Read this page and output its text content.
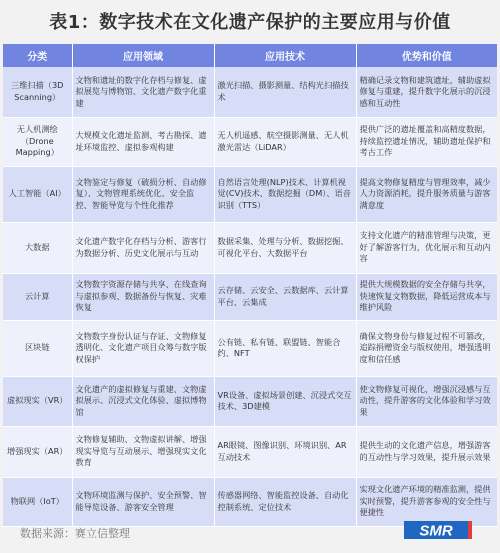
表1：数字技术在文化遗产保护的主要应用与价值
分类	应用领域	应用技术	优势和价值
三维扫描（3D Scanning）	文物和遗址的数字化存档与修复、虚拟展览与博物馆、文化遗产数字化重建	激光扫描、摄影测量、结构光扫描技术	精确记录文物和建筑遗址，辅助虚拟修复与重建，提升数字化展示的沉浸感和互动性
无人机测绘（Drone Mapping）	大规模文化遗址监测、考古勘探、遗址环境监控、虚拟参观构建	无人机遥感、航空摄影测量、无人机激光雷达（LiDAR）	提供广泛的遗址覆盖和高精度数据，持续监控遗址情况，辅助遗址保护和考古工作
人工智能（AI）	文物鉴定与修复（破损分析、自动修复）、文物管理系统优化、安全监控、智能导览与个性化推荐	自然语言处理(NLP)技术、计算机视觉(CV)技术、数据挖掘（DM）、语音识别（TTS）	提高文物修复精度与管理效率，减少人力资源消耗，提升服务质量与游客满意度
大数据	文化遗产数字化存档与分析、游客行为数据分析、历史文化展示与互动	数据采集、处理与分析、数据挖掘、可视化平台、大数据平台	支持文化遗产的精准管理与决策，更好了解游客行为，优化展示和互动内容
云计算	文物数字资源存储与共享、在线查询与虚拟参观、数据备份与恢复、灾难恢复	云存储、云安全、云数据库、云计算平台、云集成	提供大规模数据的安全存储与共享，快速恢复文物数据，降低运营成本与维护风险
区块链	文物数字身份认证与存证、文物修复透明化、文化遗产项目众筹与数字版权保护	公有链、私有链、联盟链、智能合约、NFT	确保文物身份与修复过程不可篡改，追踪捐赠资金与版权使用，增强透明度和信任感
虚拟现实（VR）	文化遗产的虚拟修复与重建、文物虚拟展示、沉浸式文化体验、虚拟博物馆	VR设备、虚拟场景创建、沉浸式交互技术、3D建模	使文物修复可视化，增强沉浸感与互动性，提升游客的文化体验和学习效果
增强现实（AR）	文物修复辅助、文物虚拟讲解、增强现实导览与互动展示、增强现实文化教育	AR眼镜、图像识别、环境识别、AR互动技术	提供生动的文化遗产信息，增强游客的互动性与学习效果，提升展示效果
物联网（IoT）	文物环境监测与保护、安全预警、智能导览设备、游客安全管理	传感器网络、智能监控设备、自动化控制系统、定位技术	实现文化遗产环境的精准监测，提供实时预警，提升游客参观的安全性与便捷性
数据来源：赛立信整理	SMR
